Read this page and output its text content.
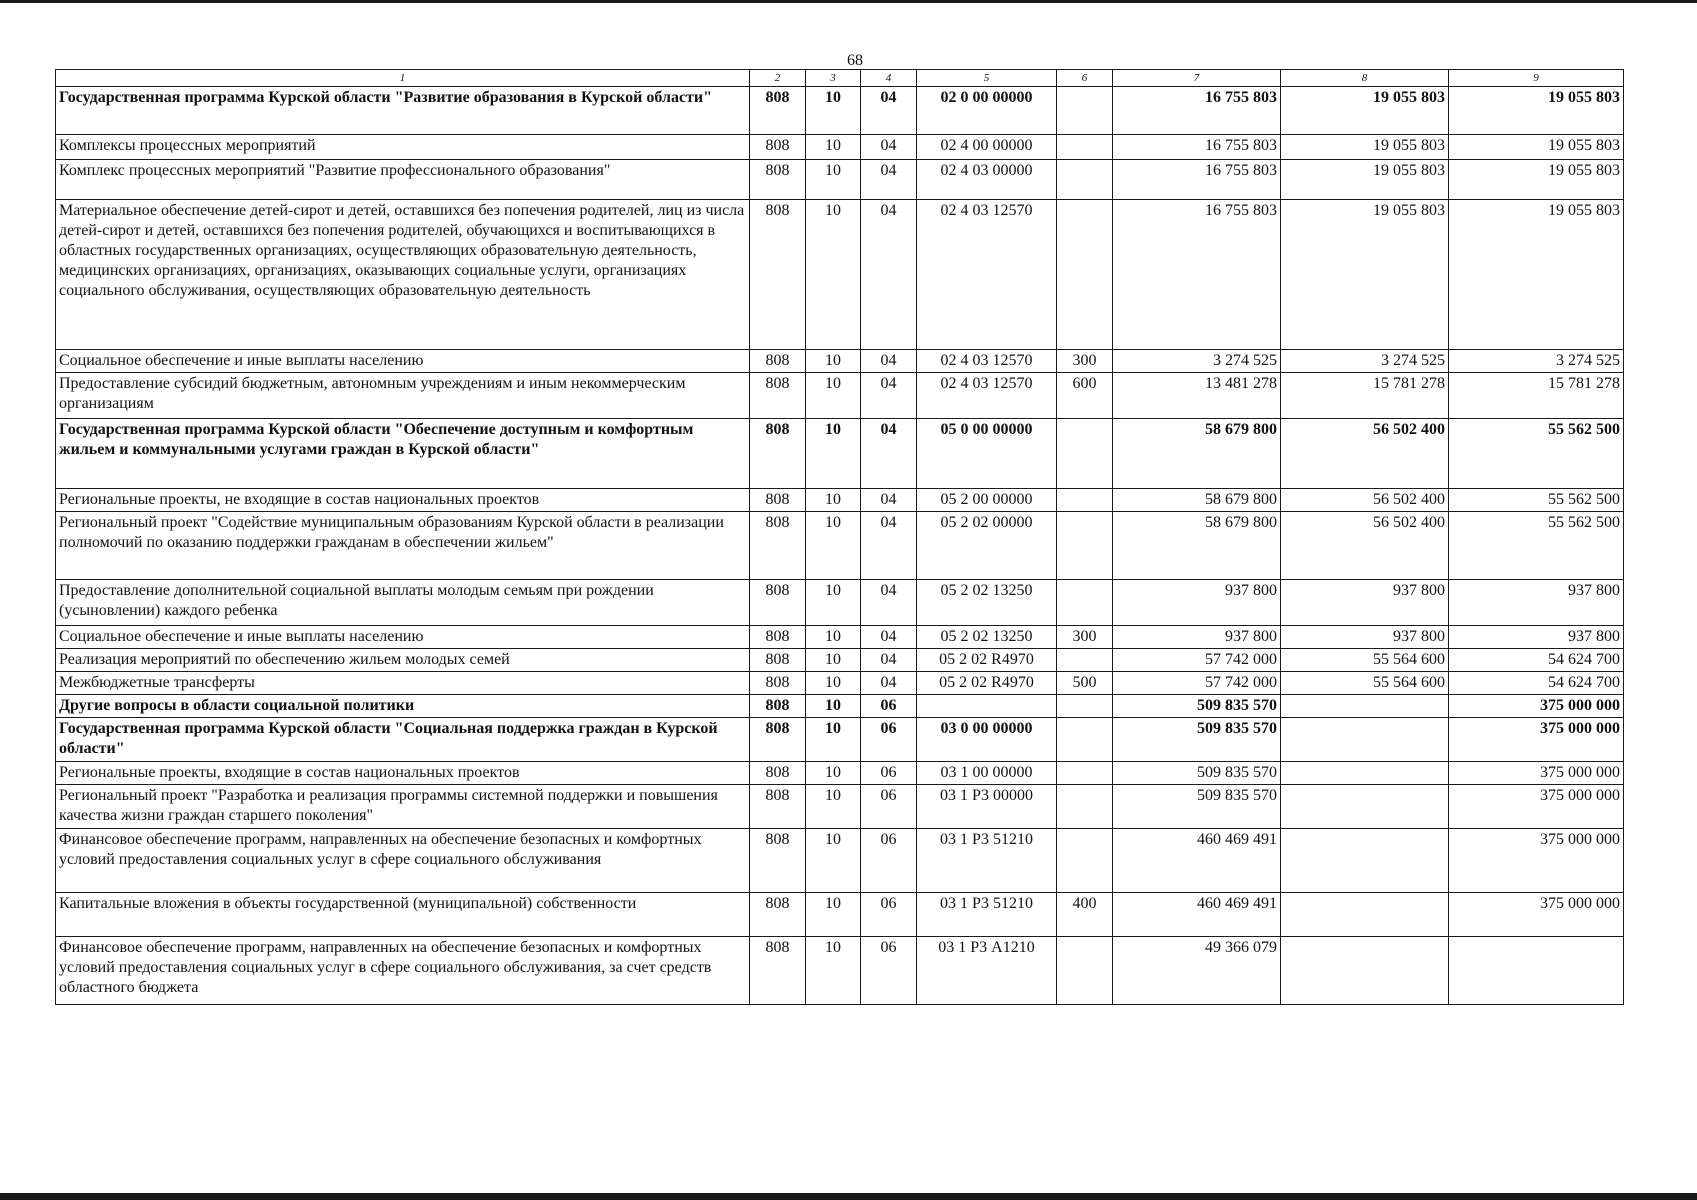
68
1	2	3	4	5	6	7	8	9
Государственная программа Курской области "Развитие образования в Курской области"	808	10	04	02 0 00 00000		16 755 803	19 055 803	19 055 803
Комплексы процессных мероприятий	808	10	04	02 4 00 00000		16 755 803	19 055 803	19 055 803
Комплекс процессных мероприятий "Развитие профессионального образования"	808	10	04	02 4 03 00000		16 755 803	19 055 803	19 055 803
Материальное обеспечение детей-сирот и детей, оставшихся без попечения родителей, лиц из числа детей-сирот и детей, оставшихся без попечения родителей, обучающихся и воспитывающихся в областных государственных организациях, осуществляющих образовательную деятельность, медицинских организациях, организациях, оказывающих социальные услуги, организациях социального обслуживания, осуществляющих образовательную деятельность	808	10	04	02 4 03 12570		16 755 803	19 055 803	19 055 803
Социальное обеспечение и иные выплаты населению	808	10	04	02 4 03 12570	300	3 274 525	3 274 525	3 274 525
Предоставление субсидий бюджетным, автономным учреждениям и иным некоммерческим организациям	808	10	04	02 4 03 12570	600	13 481 278	15 781 278	15 781 278
Государственная программа Курской области "Обеспечение доступным и комфортным жильем и коммунальными услугами граждан в Курской области"	808	10	04	05 0 00 00000		58 679 800	56 502 400	55 562 500
Региональные проекты, не входящие в состав национальных проектов	808	10	04	05 2 00 00000		58 679 800	56 502 400	55 562 500
Региональный проект "Содействие муниципальным образованиям Курской области в реализации полномочий по оказанию поддержки гражданам в обеспечении жильем"	808	10	04	05 2 02 00000		58 679 800	56 502 400	55 562 500
Предоставление дополнительной социальной выплаты молодым семьям при рождении (усыновлении) каждого ребенка	808	10	04	05 2 02 13250		937 800	937 800	937 800
Социальное обеспечение и иные выплаты населению	808	10	04	05 2 02 13250	300	937 800	937 800	937 800
Реализация мероприятий по обеспечению жильем молодых семей	808	10	04	05 2 02 R4970		57 742 000	55 564 600	54 624 700
Межбюджетные трансферты	808	10	04	05 2 02 R4970	500	57 742 000	55 564 600	54 624 700
Другие вопросы в области социальной политики	808	10	06			509 835 570		375 000 000
Государственная программа Курской области "Социальная поддержка граждан в Курской области"	808	10	06	03 0 00 00000		509 835 570		375 000 000
Региональные проекты, входящие в состав национальных проектов	808	10	06	03 1 00 00000		509 835 570		375 000 000
Региональный проект "Разработка и реализация программы системной поддержки и повышения качества жизни граждан старшего поколения"	808	10	06	03 1 Р3 00000		509 835 570		375 000 000
Финансовое обеспечение программ, направленных на обеспечение безопасных и комфортных условий предоставления социальных услуг в сфере социального обслуживания	808	10	06	03 1 Р3 51210		460 469 491		375 000 000
Капитальные вложения в объекты государственной (муниципальной) собственности	808	10	06	03 1 Р3 51210	400	460 469 491		375 000 000
Финансовое обеспечение программ, направленных на обеспечение безопасных и комфортных условий предоставления социальных услуг в сфере социального обслуживания, за счет средств областного бюджета	808	10	06	03 1 Р3 А1210		49 366 079		
